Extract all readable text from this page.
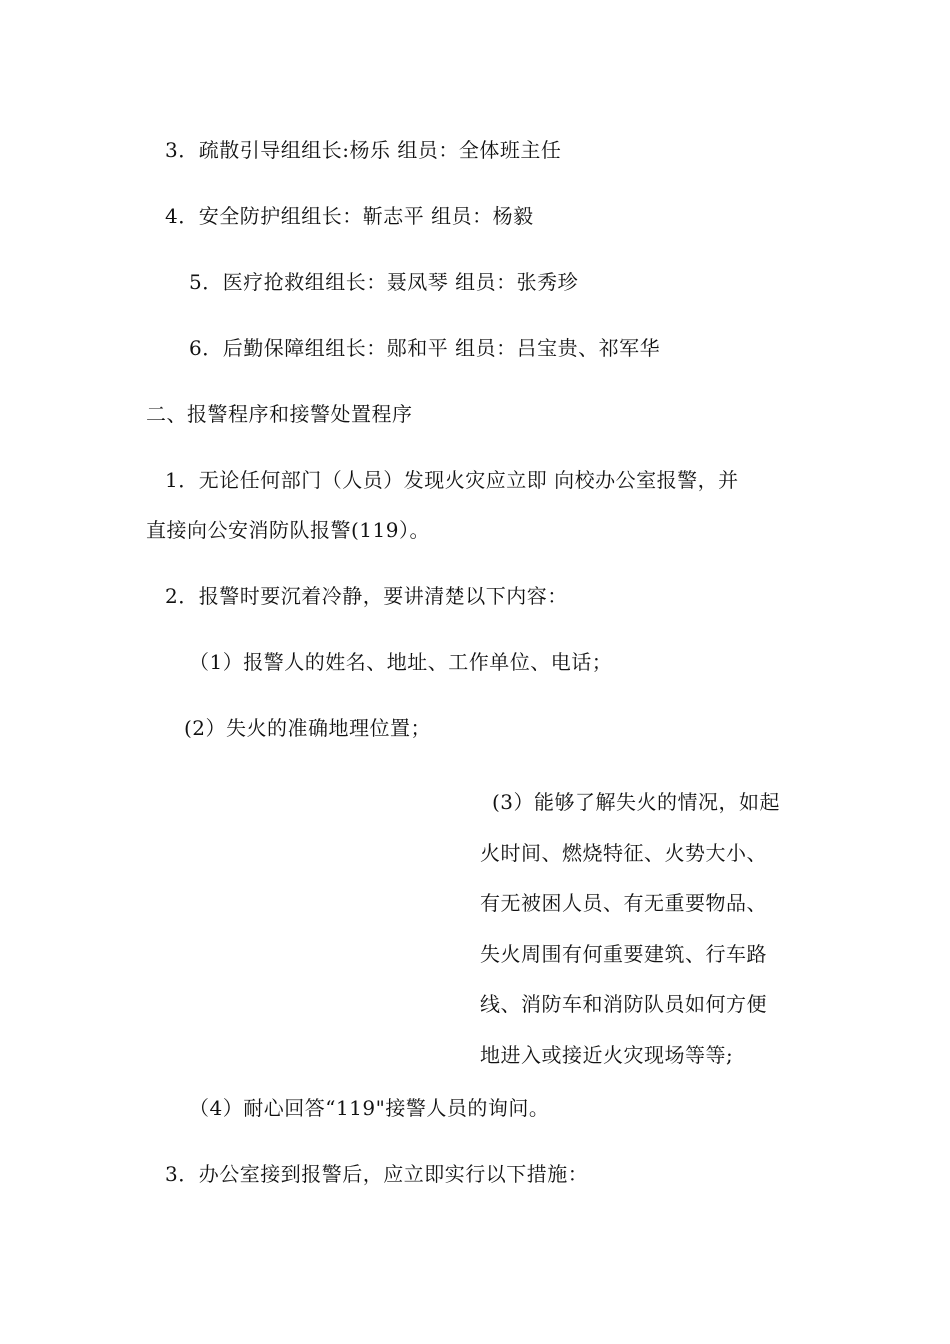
3．疏散引导组组长:杨乐 组员：全体班主任
4．安全防护组组长：靳志平 组员：杨毅
5．医疗抢救组组长：聂凤琴 组员：张秀珍
6．后勤保障组组长：郧和平 组员：吕宝贵、祁军华
二、报警程序和接警处置程序
1．无论任何部门（人员）发现火灾应立即 向校办公室报警，并
直接向公安消防队报警(119）。
2．报警时要沉着冷静，要讲清楚以下内容：
（1）报警人的姓名、地址、工作单位、电话；
(2）失火的准确地理位置；
(3）能够了解失火的情况，如起
火时间、燃烧特征、火势大小、
有无被困人员、有无重要物品、
失火周围有何重要建筑、行车路
线、消防车和消防队员如何方便
地进入或接近火灾现场等等;
（4）耐心回答“119"接警人员的询问。
3．办公室接到报警后，应立即实行以下措施：
